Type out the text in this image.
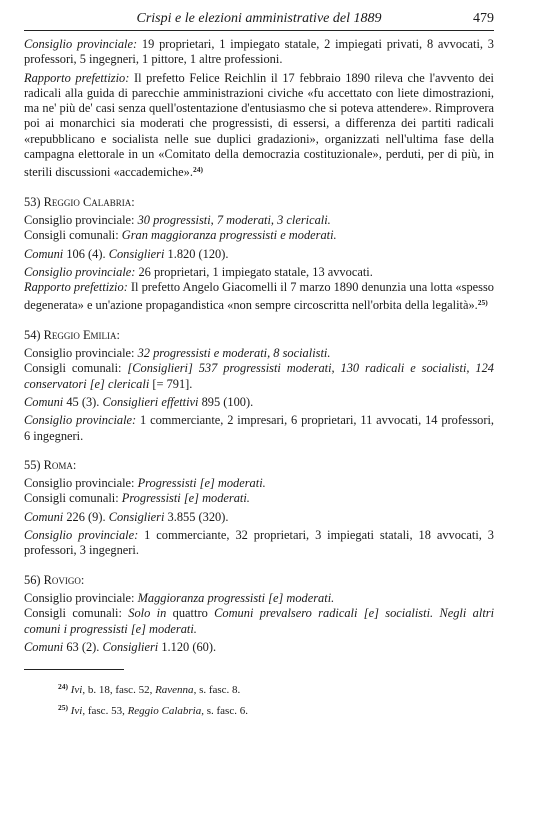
Crispi e le elezioni amministrative del 1889	479

Consiglio provinciale: 19 proprietari, 1 impiegato statale, 2 impiegati privati, 8 avvocati, 3 professori, 5 ingegneri, 1 pittore, 1 altre professioni.

Rapporto prefettizio: Il prefetto Felice Reichlin il 17 febbraio 1890 rileva che l'avvento dei radicali alla guida di parecchie amministrazioni civiche «fu accettato con liete dimostrazioni, ma ne' più de' casi senza quell'ostentazione d'entusiasmo che si poteva attendere». Rimprovera poi ai monarchici sia moderati che progressisti, di essersi, a differenza dei partiti radicali «repubblicano e socialista nelle sue duplici gradazioni», organizzati nell'ultima fase della campagna elettorale in un «Comitato della democrazia costituzionale», perduti, per di più, in sterili discussioni «accademiche».$^{24)}$

53) Reggio Calabria:

Consiglio provinciale: 30 progressisti, 7 moderati, 3 clericali.

Consigli comunali: Gran maggioranza progressisti e moderati.

Comuni 106 (4). Consiglieri 1.820 (120).

Consiglio provinciale: 26 proprietari, 1 impiegato statale, 13 avvocati.

Rapporto prefettizio: Il prefetto Angelo Giacomelli il 7 marzo 1890 denunzia una lotta «spesso degenerata» e un'azione propagandistica «non sempre circoscritta nell'orbita della legalità».$^{25)}$

54) Reggio Emilia:

Consiglio provinciale: 32 progressisti e moderati, 8 socialisti.

Consigli comunali: [Consiglieri] 537 progressisti moderati, 130 radicali e socialisti, 124 conservatori [e] clericali [= 791].

Comuni 45 (3). Consiglieri effettivi 895 (100).

Consiglio provinciale: 1 commerciante, 2 impresari, 6 proprietari, 11 avvocati, 14 professori, 6 ingegneri.

55) Roma:

Consiglio provinciale: Progressisti [e] moderati.

Consigli comunali: Progressisti [e] moderati.

Comuni 226 (9). Consiglieri 3.855 (320).

Consiglio provinciale: 1 commerciante, 32 proprietari, 3 impiegati statali, 18 avvocati, 3 professori, 3 ingegneri.

56) Rovigo:

Consiglio provinciale: Maggioranza progressisti [e] moderati.

Consigli comunali: Solo in quattro Comuni prevalsero radicali [e] socialisti. Negli altri comuni i progressisti [e] moderati.

Comuni 63 (2). Consiglieri 1.120 (60).

$^{24)}$ Ivi, b. 18, fasc. 52, Ravenna, s. fasc. 8.

$^{25)}$ Ivi, fasc. 53, Reggio Calabria, s. fasc. 6.
